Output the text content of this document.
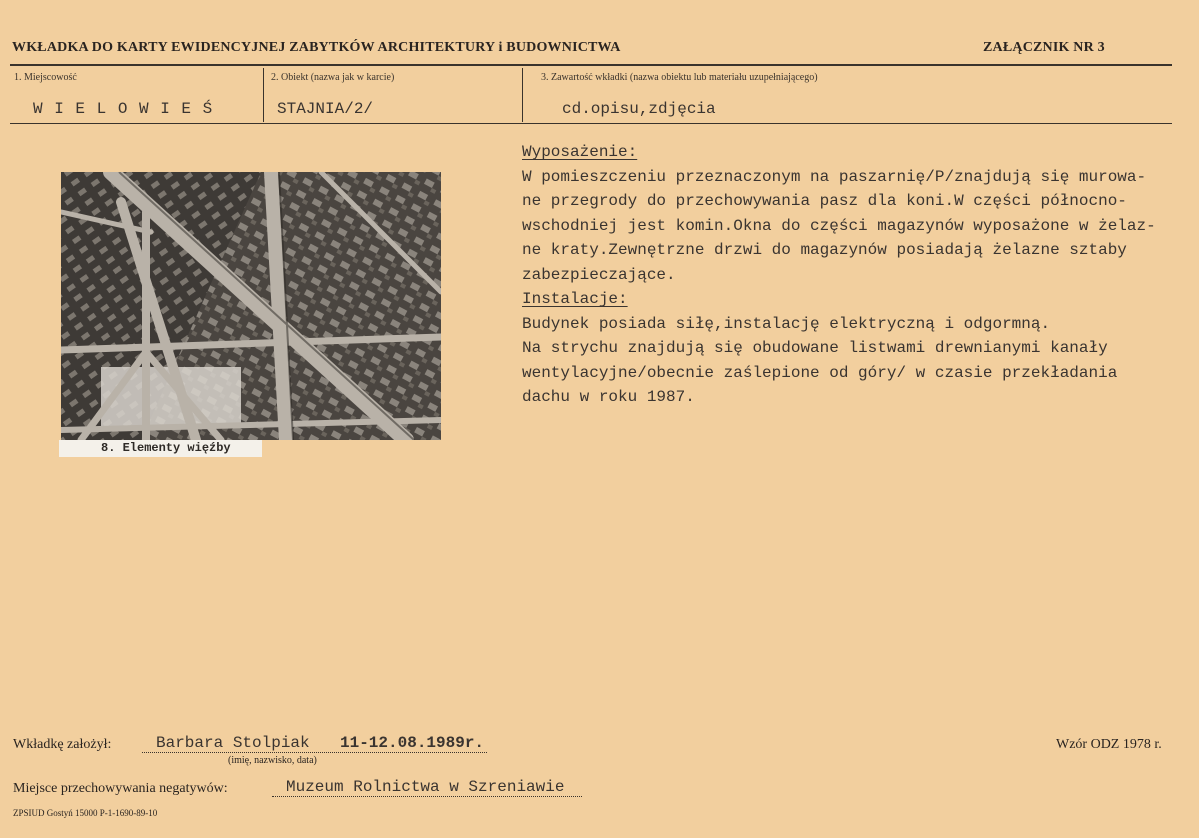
WKŁADKA DO KARTY EWIDENCYJNEJ ZABYTKÓW ARCHITEKTURY i BUDOWNICTWA	ZAŁĄCZNIK NR 3
1. Miejscowość
W I E L O W I E Ś
2. Obiekt (nazwa jak w karcie)
STAJNIA/2/
3. Zawartość wkładki (nazwa obiektu lub materiału uzupełniającego)
cd.opisu,zdjęcia
8. Elementy więźby
Wyposażenie:
W pomieszczeniu przeznaczonym na paszarnię/P/znajdują się murowa-
ne przegrody do przechowywania pasz dla koni.W części północno-
wschodniej jest komin.Okna do części magazynów wyposażone w żelaz-
ne kraty.Zewnętrzne drzwi do magazynów posiadają żelazne sztaby
zabezpieczające.
Instalacje:
Budynek posiada siłę,instalację elektryczną i odgormną.
Na strychu znajdują się obudowane listwami drewnianymi kanały
wentylacyjne/obecnie zaślepione od góry/ w czasie przekładania
dachu w roku 1987.
Wkładkę założył:	Barbara Stolpiak 11-12.08.1989r.
(imię, nazwisko, data)
Wzór ODZ 1978 r.
Miejsce przechowywania negatywów:	Muzeum Rolnictwa w Szreniawie
ZPSIUD Gostyń 15000 P-1-1690-89-10
